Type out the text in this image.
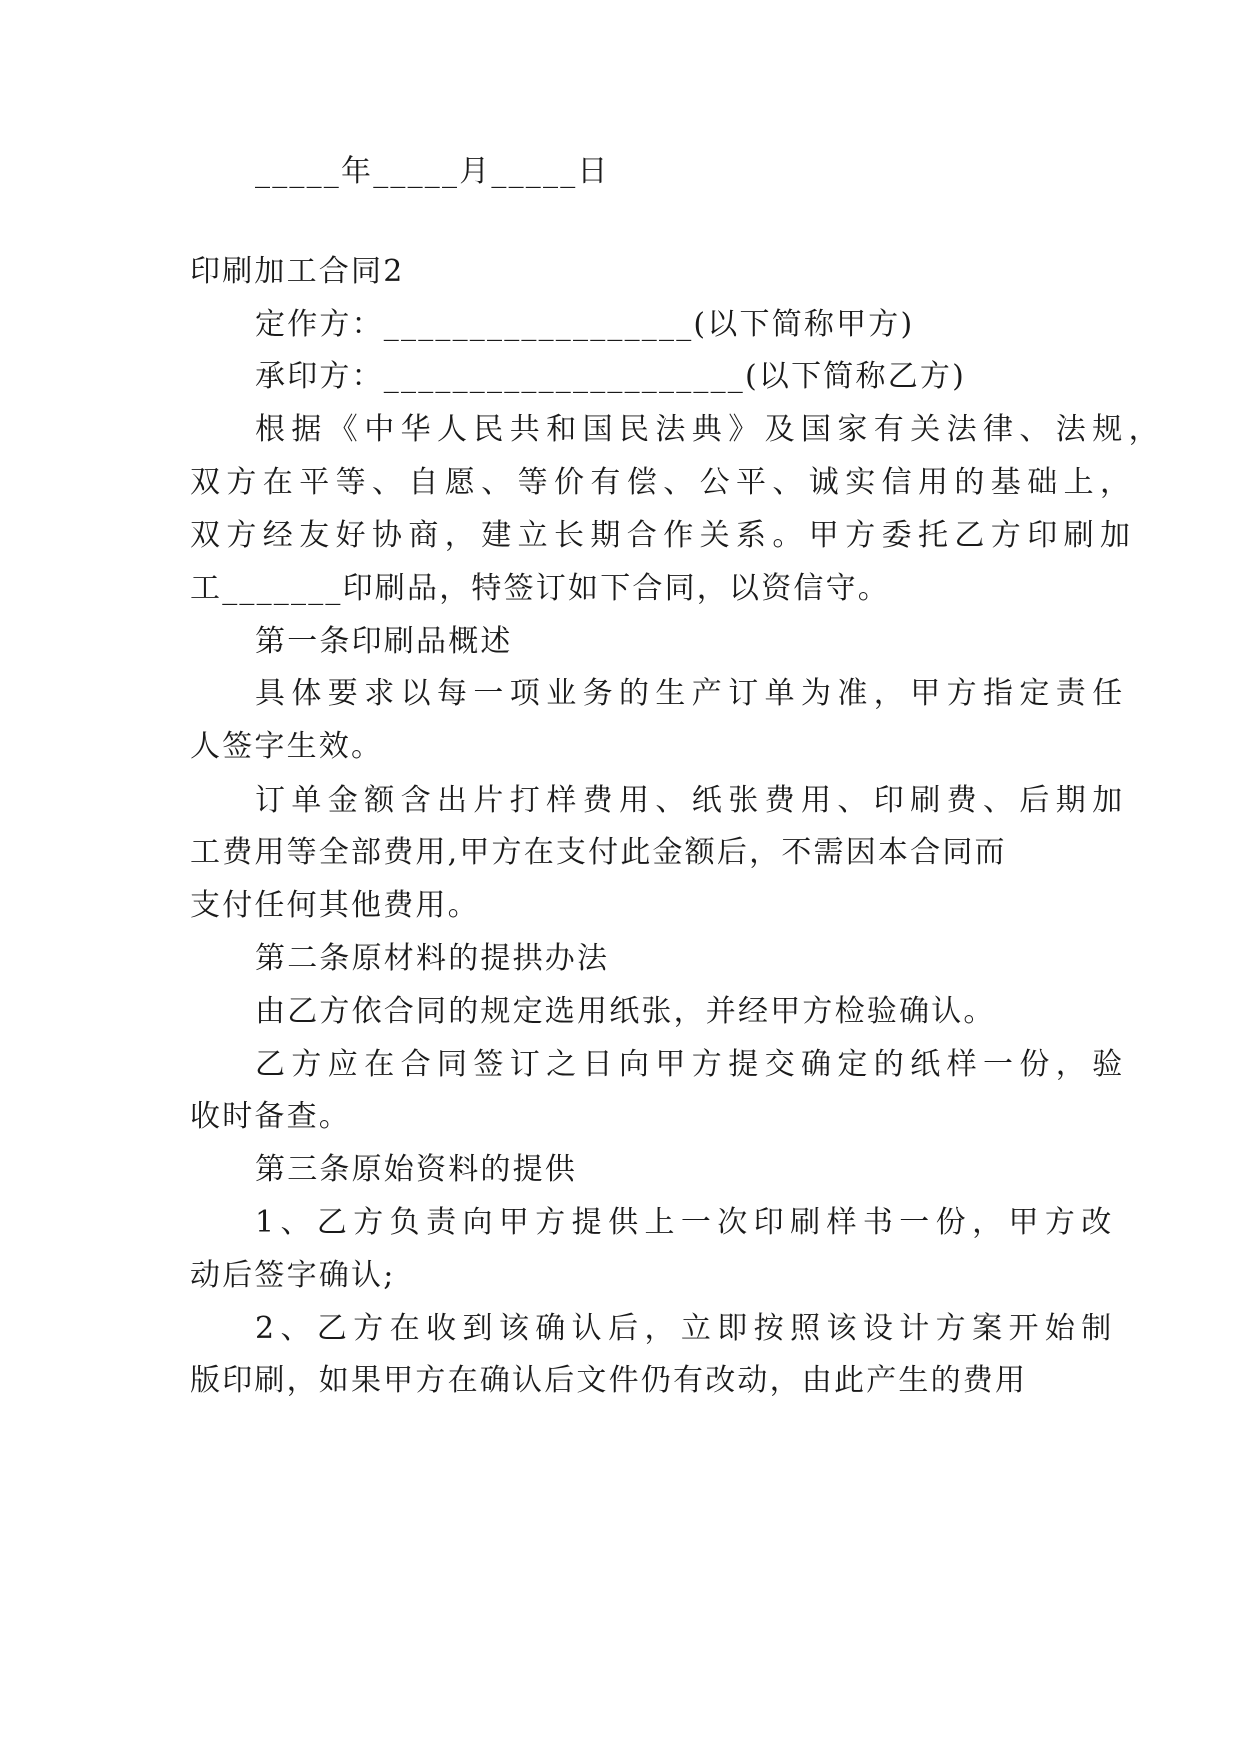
_____年_____月_____日
印刷加工合同2
定作方：__________________(以下简称甲方)
承印方：_____________________(以下简称乙方)
根据《中华人民共和国民法典》及国家有关法律、法规，
双方在平等、自愿、等价有偿、公平、诚实信用的基础上，
双方经友好协商，建立长期合作关系。甲方委托乙方印刷加
工_______印刷品，特签订如下合同，以资信守。
第一条印刷品概述
具体要求以每一项业务的生产订单为准，甲方指定责任
人签字生效。
订单金额含出片打样费用、纸张费用、印刷费、后期加
工费用等全部费用,甲方在支付此金额后，不需因本合同而
支付任何其他费用。
第二条原材料的提拱办法
由乙方依合同的规定选用纸张，并经甲方检验确认。
乙方应在合同签订之日向甲方提交确定的纸样一份，验
收时备查。
第三条原始资料的提供
1、乙方负责向甲方提供上一次印刷样书一份，甲方改
动后签字确认;
2、乙方在收到该确认后，立即按照该设计方案开始制
版印刷，如果甲方在确认后文件仍有改动，由此产生的费用
